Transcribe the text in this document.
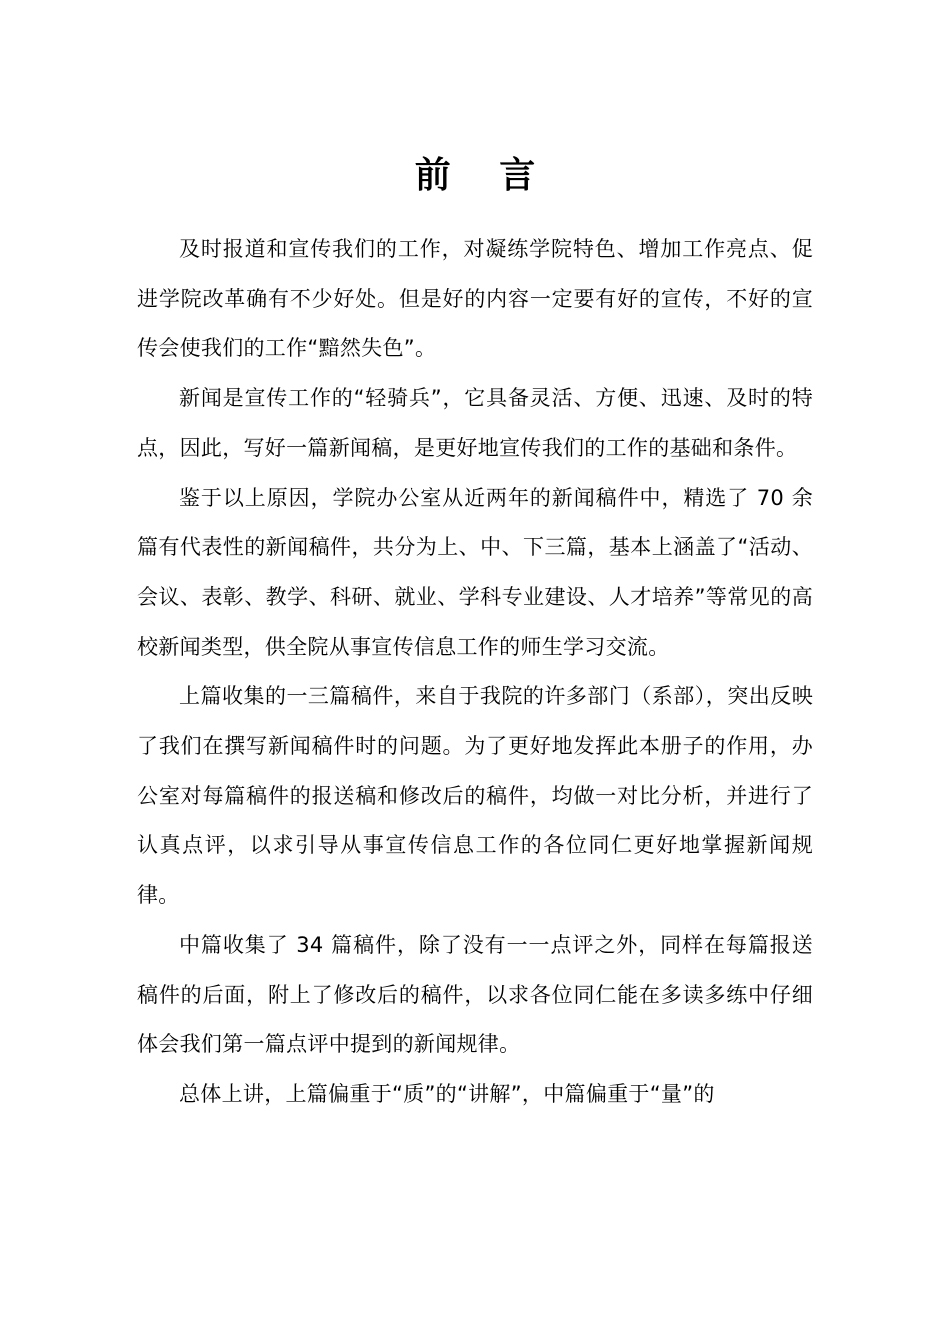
前 言

及时报道和宣传我们的工作，对凝练学院特色、增加工作亮点、促进学院改革确有不少好处。但是好的内容一定要有好的宣传，不好的宣传会使我们的工作“黯然失色”。

新闻是宣传工作的“轻骑兵”，它具备灵活、方便、迅速、及时的特点，因此，写好一篇新闻稿，是更好地宣传我们的工作的基础和条件。

鉴于以上原因，学院办公室从近两年的新闻稿件中，精选了 70 余篇有代表性的新闻稿件，共分为上、中、下三篇，基本上涵盖了“活动、会议、表彰、教学、科研、就业、学科专业建设、人才培养”等常见的高校新闻类型，供全院从事宣传信息工作的师生学习交流。

上篇收集的一三篇稿件，来自于我院的许多部门（系部），突出反映了我们在撰写新闻稿件时的问题。为了更好地发挥此本册子的作用，办公室对每篇稿件的报送稿和修改后的稿件，均做一对比分析，并进行了认真点评，以求引导从事宣传信息工作的各位同仁更好地掌握新闻规律。

中篇收集了 34 篇稿件，除了没有一一点评之外，同样在每篇报送稿件的后面，附上了修改后的稿件，以求各位同仁能在多读多练中仔细体会我们第一篇点评中提到的新闻规律。

总体上讲，上篇偏重于“质”的“讲解”，中篇偏重于“量”的
